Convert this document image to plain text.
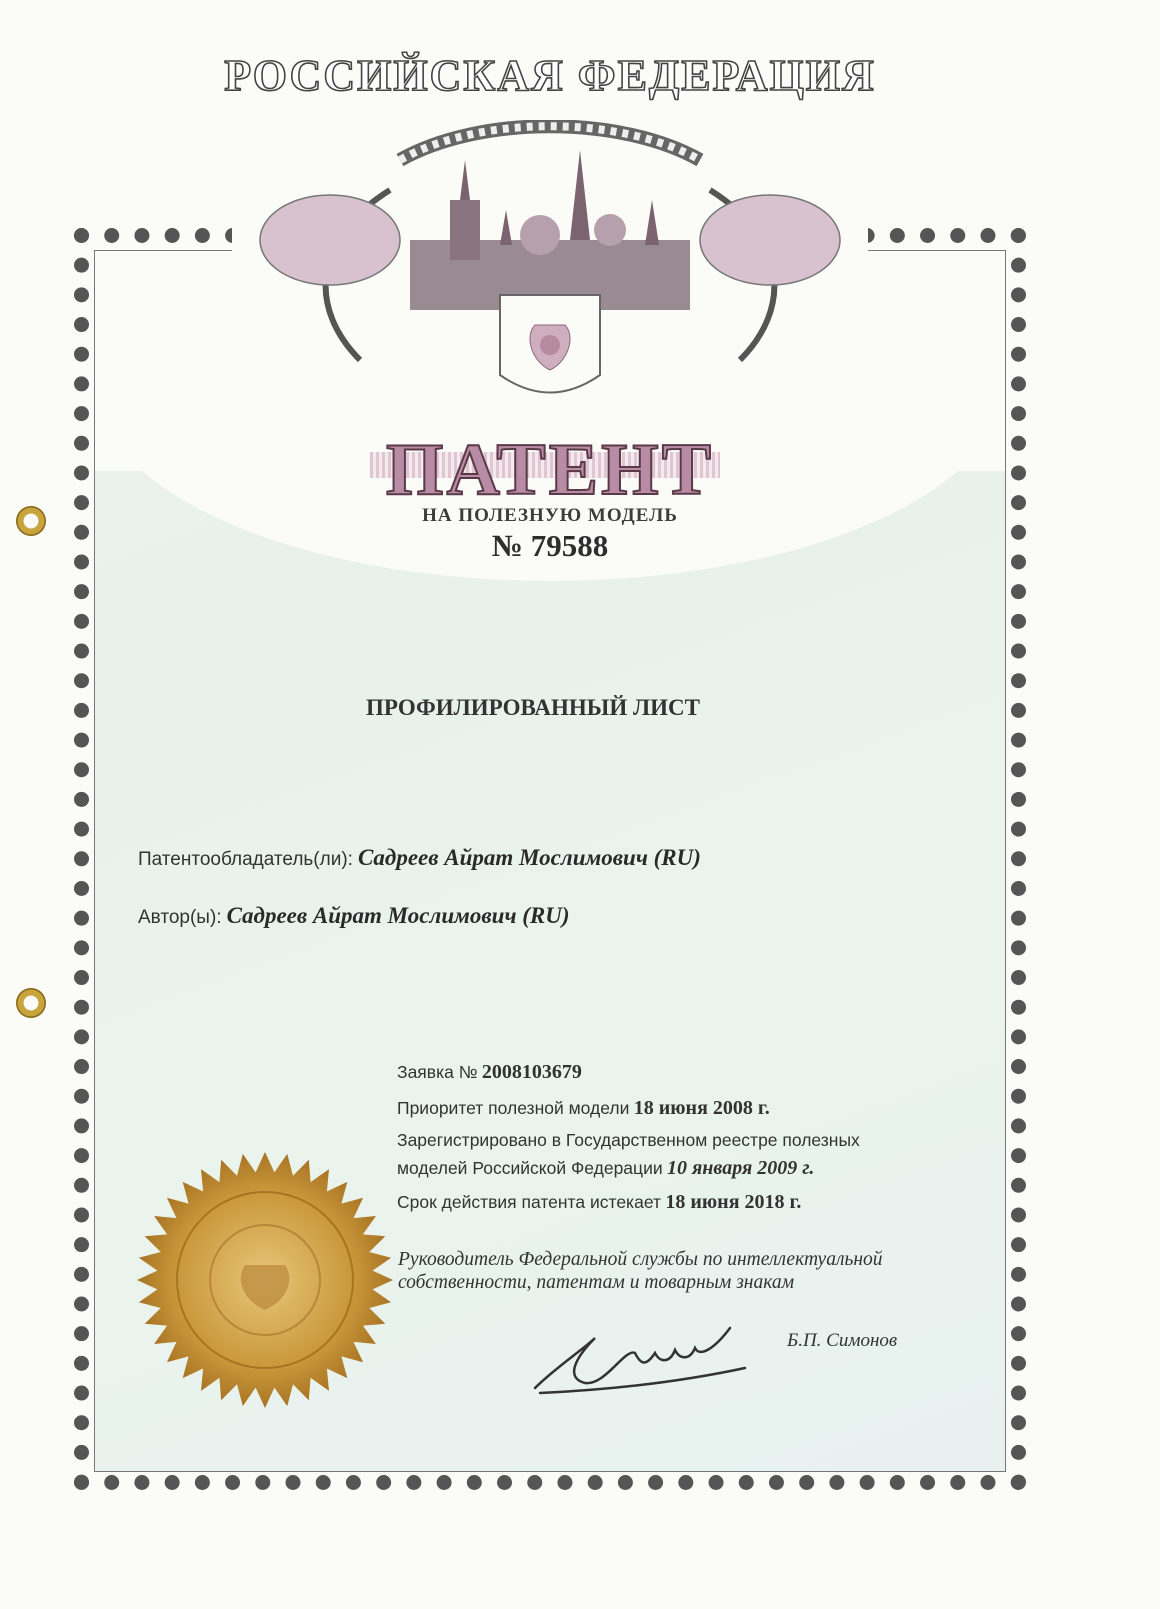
РОССИЙСКАЯ ФЕДЕРАЦИЯ
ПАТЕНТ
НА ПОЛЕЗНУЮ МОДЕЛЬ
№ 79588
ПРОФИЛИРОВАННЫЙ ЛИСТ
Патентообладатель(ли): Садреев Айрат Мослимович (RU)
Автор(ы): Садреев Айрат Мослимович (RU)
Заявка № 2008103679
Приоритет полезной модели 18 июня 2008 г.
Зарегистрировано в Государственном реестре полезных
моделей Российской Федерации 10 января 2009 г.
Срок действия патента истекает 18 июня 2018 г.
Руководитель Федеральной службы по интеллектуальной
собственности, патентам и товарным знакам
Б.П. Симонов
